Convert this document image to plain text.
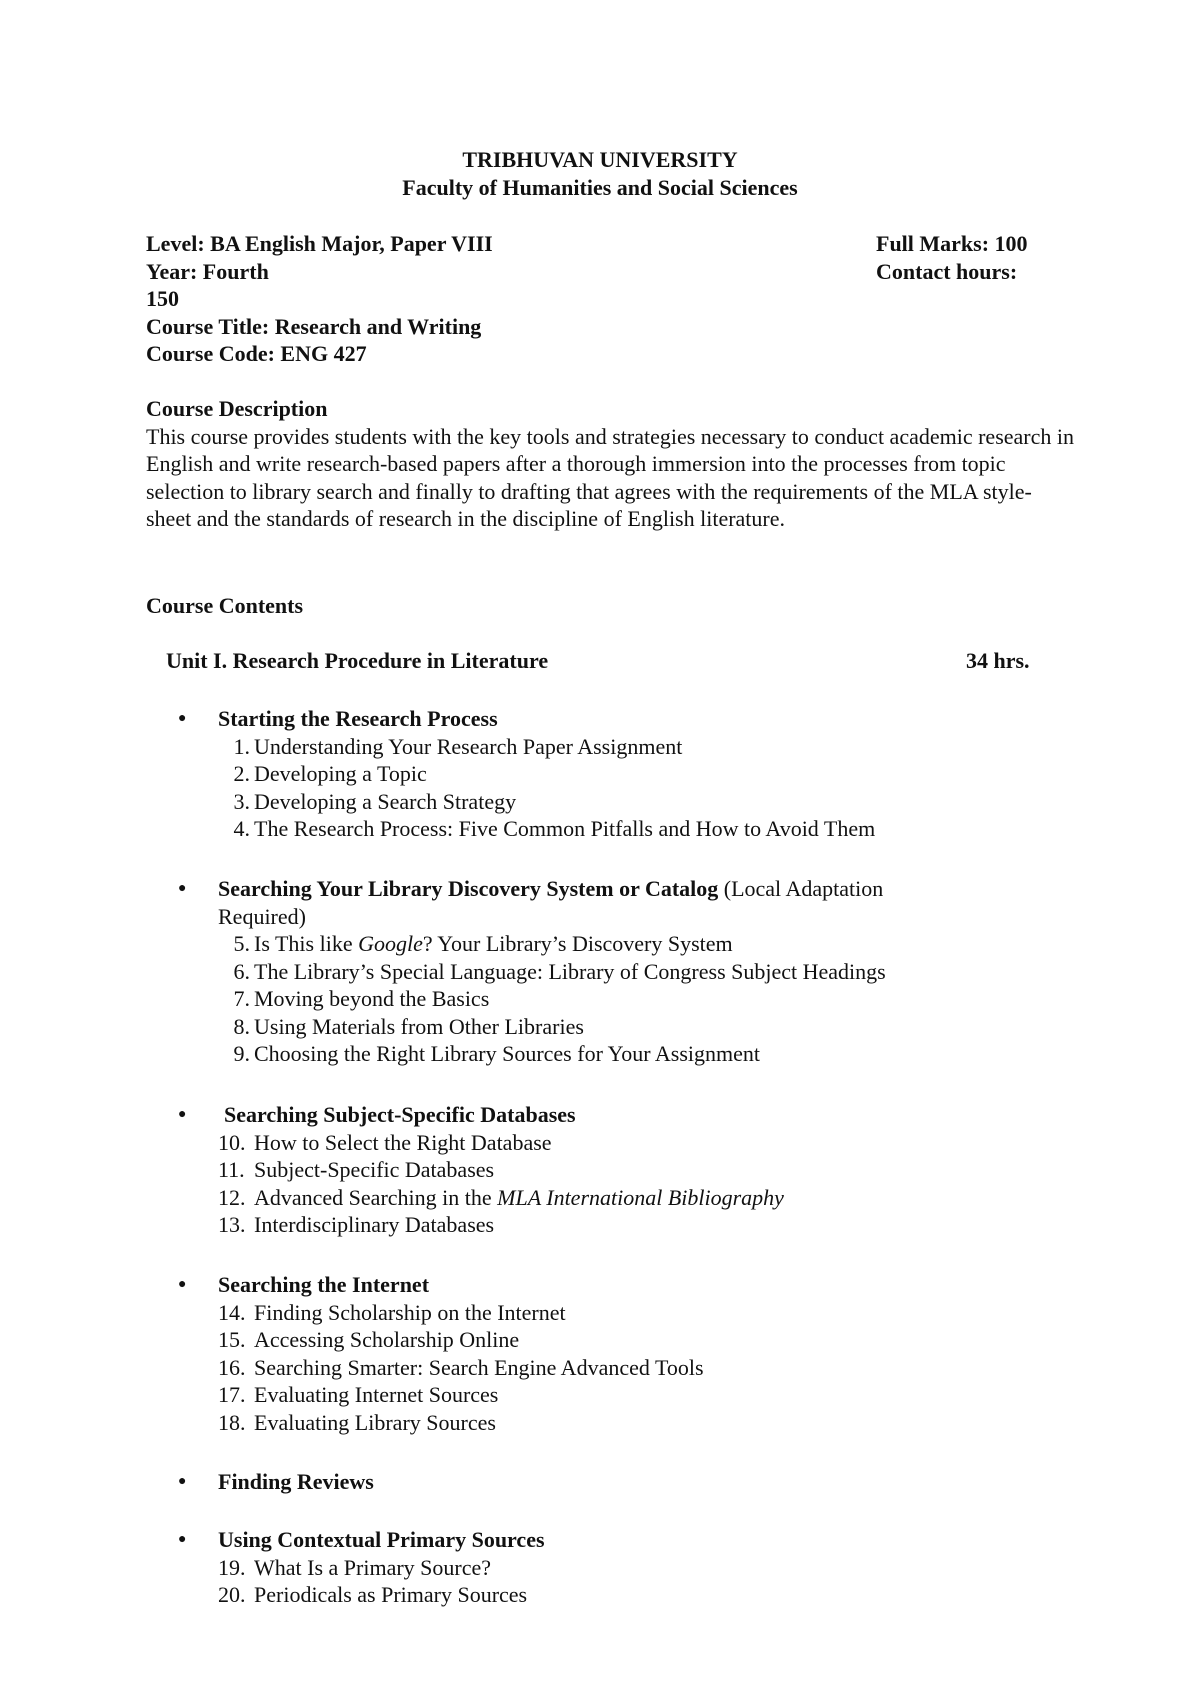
TRIBHUVAN UNIVERSITY
Faculty of Humanities and Social Sciences
Level: BA English Major, Paper VIII	Full Marks: 100
Year: Fourth	Contact hours:
150
Course Title: Research and Writing
Course Code: ENG 427
Course Description
This course provides students with the key tools and strategies necessary to conduct academic research in English and write research-based papers after a thorough immersion into the processes from topic selection to library search and finally to drafting that agrees with the requirements of the MLA style-sheet and the standards of research in the discipline of English literature.
Course Contents
Unit I. Research Procedure in Literature	34 hrs.
● Starting the Research Process
1. Understanding Your Research Paper Assignment
2. Developing a Topic
3. Developing a Search Strategy
4. The Research Process: Five Common Pitfalls and How to Avoid Them
● Searching Your Library Discovery System or Catalog (Local Adaptation
Required)
5. Is This like Google? Your Library’s Discovery System
6. The Library’s Special Language: Library of Congress Subject Headings
7. Moving beyond the Basics
8. Using Materials from Other Libraries
9. Choosing the Right Library Sources for Your Assignment
● Searching Subject-Specific Databases
10. How to Select the Right Database
11. Subject-Specific Databases
12. Advanced Searching in the MLA International Bibliography
13. Interdisciplinary Databases
● Searching the Internet
14. Finding Scholarship on the Internet
15. Accessing Scholarship Online
16. Searching Smarter: Search Engine Advanced Tools
17. Evaluating Internet Sources
18. Evaluating Library Sources
● Finding Reviews
● Using Contextual Primary Sources
19. What Is a Primary Source?
20. Periodicals as Primary Sources
